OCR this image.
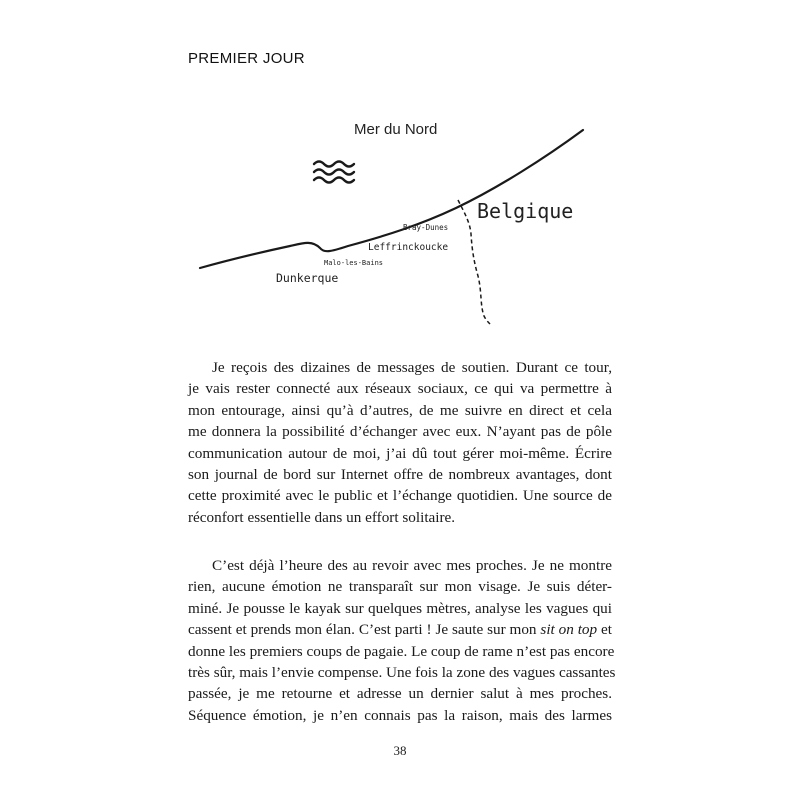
PREMIER JOUR
Mer du Nord
Belgique
Bray-Dunes
Leffrinckoucke
Malo-les-Bains
Dunkerque
Je reçois des dizaines de messages de soutien. Durant ce tour,
je vais rester connecté aux réseaux sociaux, ce qui va permettre à
mon entourage, ainsi qu’à d’autres, de me suivre en direct et cela
me donnera la possibilité d’échanger avec eux. N’ayant pas de pôle
communication autour de moi, j’ai dû tout gérer moi-même. Écrire
son journal de bord sur Internet offre de nombreux avantages, dont
cette proximité avec le public et l’échange quotidien. Une source de
réconfort essentielle dans un effort solitaire.
C’est déjà l’heure des au revoir avec mes proches. Je ne montre
rien, aucune émotion ne transparaît sur mon visage. Je suis déter-
miné. Je pousse le kayak sur quelques mètres, analyse les vagues qui
cassent et prends mon élan. C’est parti ! Je saute sur mon sit on top et
donne les premiers coups de pagaie. Le coup de rame n’est pas encore
très sûr, mais l’envie compense. Une fois la zone des vagues cassantes
passée, je me retourne et adresse un dernier salut à mes proches.
Séquence émotion, je n’en connais pas la raison, mais des larmes
38
